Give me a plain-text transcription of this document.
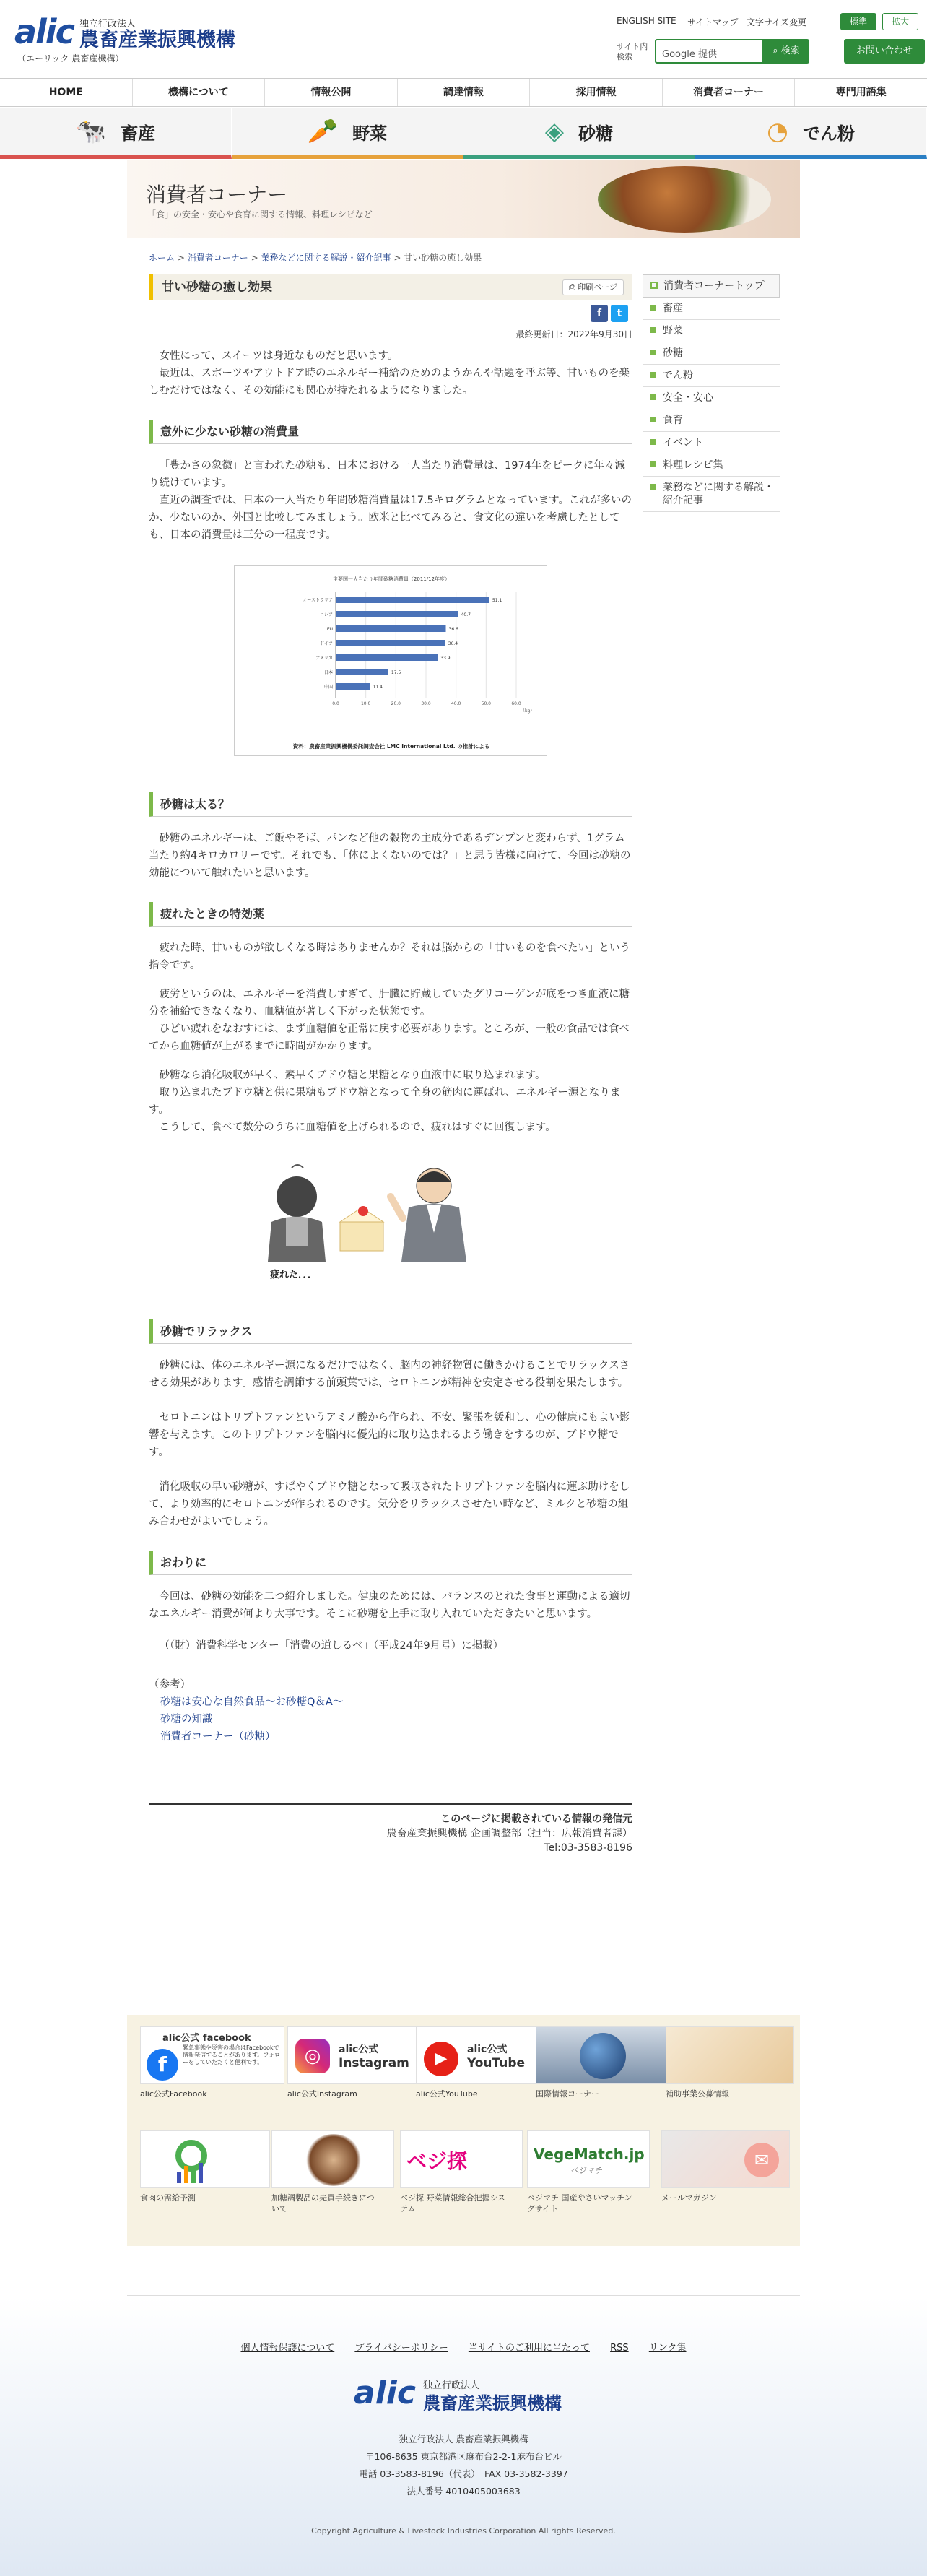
alic 独立行政法人
農畜産業振興機構
（エーリック 農畜産機構）
ENGLISH SITE サイトマップ 文字サイズ変更	標準	拡大
サイト内
検索	Google 提供	⌕ 検索	お問い合わせ
HOME	機構について	情報公開	調達情報	採用情報	消費者コーナー	専門用語集
🐄 畜産	🥕 野菜	◈ 砂糖	◔ でん粉
消費者コーナー
「食」の安全・安心や食育に関する情報、料理レシピなど
ホーム > 消費者コーナー > 業務などに関する解説・紹介記事 > 甘い砂糖の癒し効果
甘い砂糖の癒し効果	⎙ 印刷ページ
f	t
最終更新日：2022年9月30日

女性にって、スイーツは身近なものだと思います。

最近は、スポーツやアウトドア時のエネルギー補給のためのようかんや話題を呼ぶ等、甘いものを楽しむだけではなく、その効能にも関心が持たれるようになりました。

意外に少ない砂糖の消費量

「豊かさの象徴」と言われた砂糖も、日本における一人当たり消費量は、1974年をピークに年々減り続けています。

直近の調査では、日本の一人当たり年間砂糖消費量は17.5キログラムとなっています。これが多いのか、少ないのか、外国と比較してみましょう。欧米と比べてみると、食文化の違いを考慮したとしても、日本の消費量は三分の一程度です。

主要国一人当たり年間砂糖消費量（2011/12年度）
0.0	10.0	20.0	30.0	40.0	50.0	60.0
（kg）
オーストラリア	51.1
ロシア	40.7
EU	36.6
ドイツ	36.4
アメリカ	33.9
日本	17.5
中国	11.4
資料：農畜産業振興機構委託調査会社 LMC International Ltd. の推計による
砂糖は太る？

砂糖のエネルギーは、ご飯やそば、パンなど他の穀物の主成分であるデンプンと変わらず、1グラム当たり約4キロカロリーです。それでも、「体によくないのでは？」と思う皆様に向けて、今回は砂糖の効能について触れたいと思います。

疲れたときの特効薬

疲れた時、甘いものが欲しくなる時はありませんか？それは脳からの「甘いものを食べたい」という指令です。

疲労というのは、エネルギーを消費しすぎて、肝臓に貯蔵していたグリコーゲンが底をつき血液に糖分を補給できなくなり、血糖値が著しく下がった状態です。

ひどい疲れをなおすには、まず血糖値を正常に戻す必要があります。ところが、一般の食品では食べてから血糖値が上がるまでに時間がかかります。

砂糖なら消化吸収が早く、素早くブドウ糖と果糖となり血液中に取り込まれます。

取り込まれたブドウ糖と供に果糖もブドウ糖となって全身の筋肉に運ばれ、エネルギー源となります。

こうして、食べて数分のうちに血糖値を上げられるので、疲れはすぐに回復します。

疲れた．．．
砂糖でリラックス

砂糖には、体のエネルギー源になるだけではなく、脳内の神経物質に働きかけることでリラックスさせる効果があります。感情を調節する前頭葉では、セロトニンが精神を安定させる役割を果たします。

セロトニンはトリプトファンというアミノ酸から作られ、不安、緊張を緩和し、心の健康にもよい影響を与えます。このトリプトファンを脳内に優先的に取り込まれるよう働きをするのが、ブドウ糖です。

消化吸収の早い砂糖が、すばやくブドウ糖となって吸収されたトリプトファンを脳内に運ぶ助けをして、より効率的にセロトニンが作られるのです。気分をリラックスさせたい時など、ミルクと砂糖の組み合わせがよいでしょう。

おわりに

今回は、砂糖の効能を二つ紹介しました。健康のためには、バランスのとれた食事と運動による適切なエネルギー消費が何より大事です。そこに砂糖を上手に取り入れていただきたいと思います。

（（財）消費科学センター「消費の道しるべ」（平成24年9月号）に掲載）

（参考）
砂糖は安心な自然食品～お砂糖Q＆A～
砂糖の知識
消費者コーナー（砂糖）
このページに掲載されている情報の発信元
農畜産業振興機構 企画調整部（担当：広報消費者課）
Tel:03-3583-8196
消費者コーナートップ
畜産
野菜
砂糖
でん粉
安全・安心
食育
イベント
料理レシピ集
業務などに関する解説・紹介記事
f
alic公式 facebook
緊急事態や災害の場合はFacebookで情報発信することがあります。フォローをしていただくと便利です。
alic公式Facebook
◎	alic公式
Instagram
alic公式Instagram
▶	alic公式
YouTube
alic公式YouTube	国際情報コーナー	補助事業公募情報
食肉の需給予測	加糖調製品の売買手続きについて
ベジ探
ベジ探 野菜情報総合把握システム
VegeMatch.jp
ベジマチ
ベジマチ 国産やさいマッチングサイト
✉
メールマガジン
個人情報保護について プライバシーポリシー 当サイトのご利用に当たって RSS リンク集
alic 独立行政法人
農畜産業振興機構
独立行政法人 農畜産業振興機構
〒106-8635 東京都港区麻布台2-2-1麻布台ビル
電話 03-3583-8196（代表）　FAX 03-3582-3397
法人番号 4010405003683
Copyright Agriculture & Livestock Industries Corporation All rights Reserved.
